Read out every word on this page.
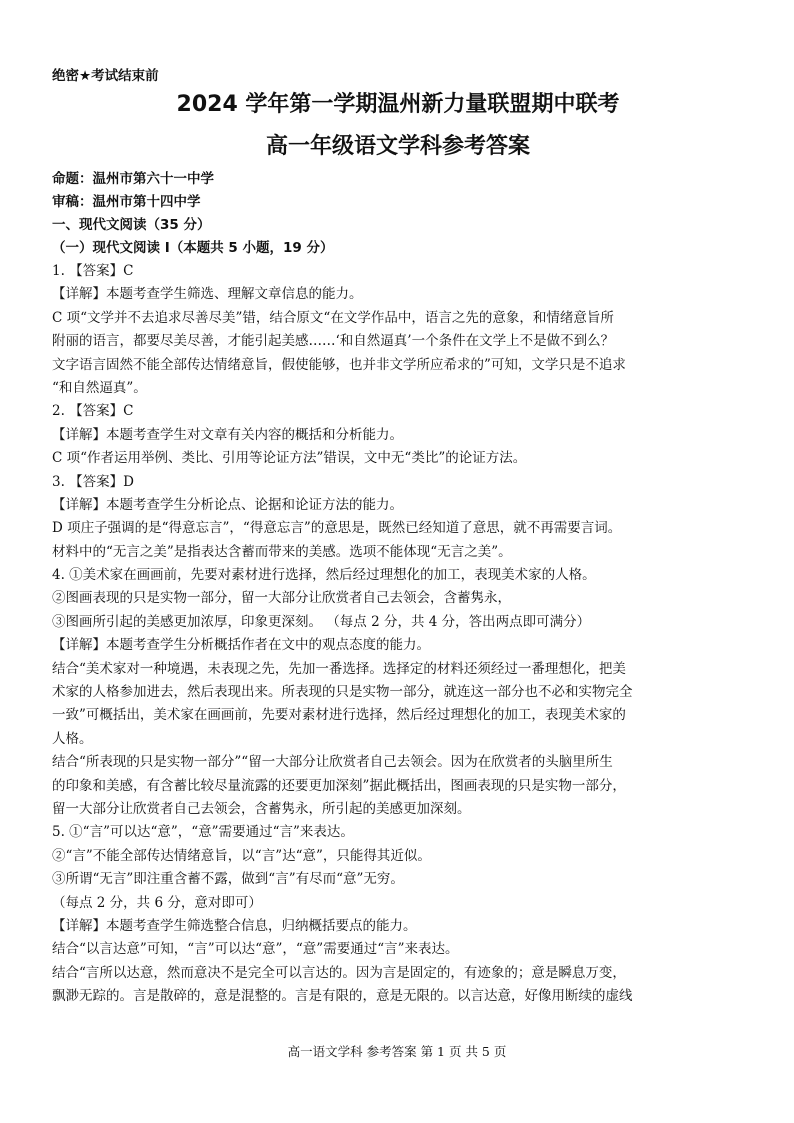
绝密★考试结束前
2024 学年第一学期温州新力量联盟期中联考
高一年级语文学科参考答案
命题：温州市第六十一中学
审稿：温州市第十四中学
一、现代文阅读（35 分）
（一）现代文阅读 I（本题共 5 小题，19 分）
1. 【答案】C
【详解】本题考查学生筛选、理解文章信息的能力。
C 项“文学并不去追求尽善尽美”错，结合原文“在文学作品中，语言之先的意象，和情绪意旨所
附丽的语言，都要尽美尽善，才能引起美感……‘和自然逼真’一个条件在文学上不是做不到么？
文字语言固然不能全部传达情绪意旨，假使能够，也并非文学所应希求的”可知，文学只是不追求
“和自然逼真”。
2. 【答案】C
【详解】本题考查学生对文章有关内容的概括和分析能力。
C 项“作者运用举例、类比、引用等论证方法”错误，文中无“类比”的论证方法。
3. 【答案】D
【详解】本题考查学生分析论点、论据和论证方法的能力。
D 项庄子强调的是“得意忘言”，“得意忘言”的意思是，既然已经知道了意思，就不再需要言词。
材料中的“无言之美”是指表达含蓄而带来的美感。选项不能体现“无言之美”。
4. ①美术家在画画前，先要对素材进行选择，然后经过理想化的加工，表现美术家的人格。
②图画表现的只是实物一部分，留一大部分让欣赏者自己去领会，含蓄隽永，
③图画所引起的美感更加浓厚，印象更深刻。 （每点 2 分，共 4 分，答出两点即可满分）
【详解】本题考查学生分析概括作者在文中的观点态度的能力。
结合“美术家对一种境遇，未表现之先，先加一番选择。选择定的材料还须经过一番理想化，把美
术家的人格参加进去，然后表现出来。所表现的只是实物一部分，就连这一部分也不必和实物完全
一致”可概括出，美术家在画画前，先要对素材进行选择，然后经过理想化的加工，表现美术家的
人格。
结合“所表现的只是实物一部分”“留一大部分让欣赏者自己去领会。因为在欣赏者的头脑里所生
的印象和美感，有含蓄比较尽量流露的还要更加深刻”据此概括出，图画表现的只是实物一部分，
留一大部分让欣赏者自己去领会，含蓄隽永，所引起的美感更加深刻。
5. ①“言”可以达“意”，“意”需要通过“言”来表达。
②“言”不能全部传达情绪意旨，以“言”达“意”，只能得其近似。
③所谓“无言”即注重含蓄不露，做到“言”有尽而“意”无穷。
（每点 2 分，共 6 分，意对即可）
【详解】本题考查学生筛选整合信息，归纳概括要点的能力。
结合“以言达意”可知，“言”可以达“意”，“意”需要通过“言”来表达。
结合“言所以达意，然而意决不是完全可以言达的。因为言是固定的，有迹象的；意是瞬息万变，
飘渺无踪的。言是散碎的，意是混整的。言是有限的，意是无限的。以言达意，好像用断续的虚线
高一语文学科 参考答案 第 1 页 共 5 页
